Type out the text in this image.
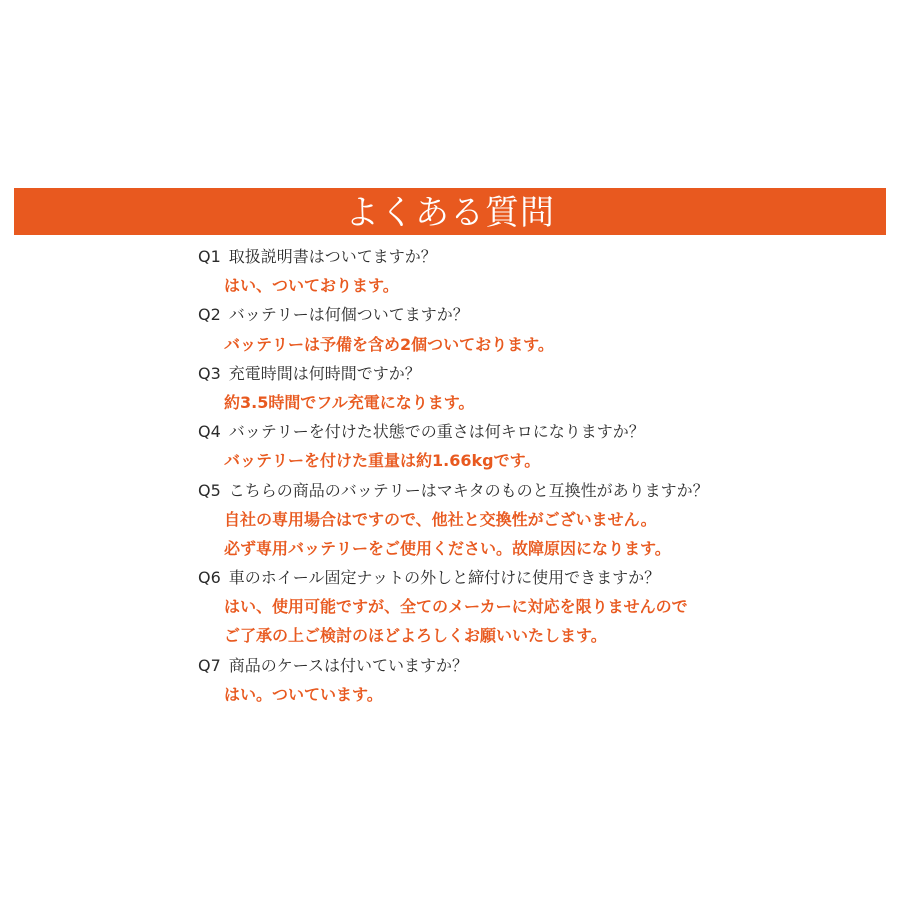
よくある質問
Q1 取扱説明書はついてますか？
はい、ついております。
Q2 バッテリーは何個ついてますか？
バッテリーは予備を含め2個ついております。
Q3 充電時間は何時間ですか？
約3.5時間でフル充電になります。
Q4 バッテリーを付けた状態での重さは何キロになりますか？
バッテリーを付けた重量は約1.66kgです。
Q5 こちらの商品のバッテリーはマキタのものと互換性がありますか？
自社の専用場合はですので、他社と交換性がございません。
必ず専用バッテリーをご使用ください。故障原因になります。
Q6 車のホイール固定ナットの外しと締付けに使用できますか？
はい、使用可能ですが、全てのメーカーに対応を限りませんので
ご了承の上ご検討のほどよろしくお願いいたします。
Q7 商品のケースは付いていますか？
はい。ついています。
